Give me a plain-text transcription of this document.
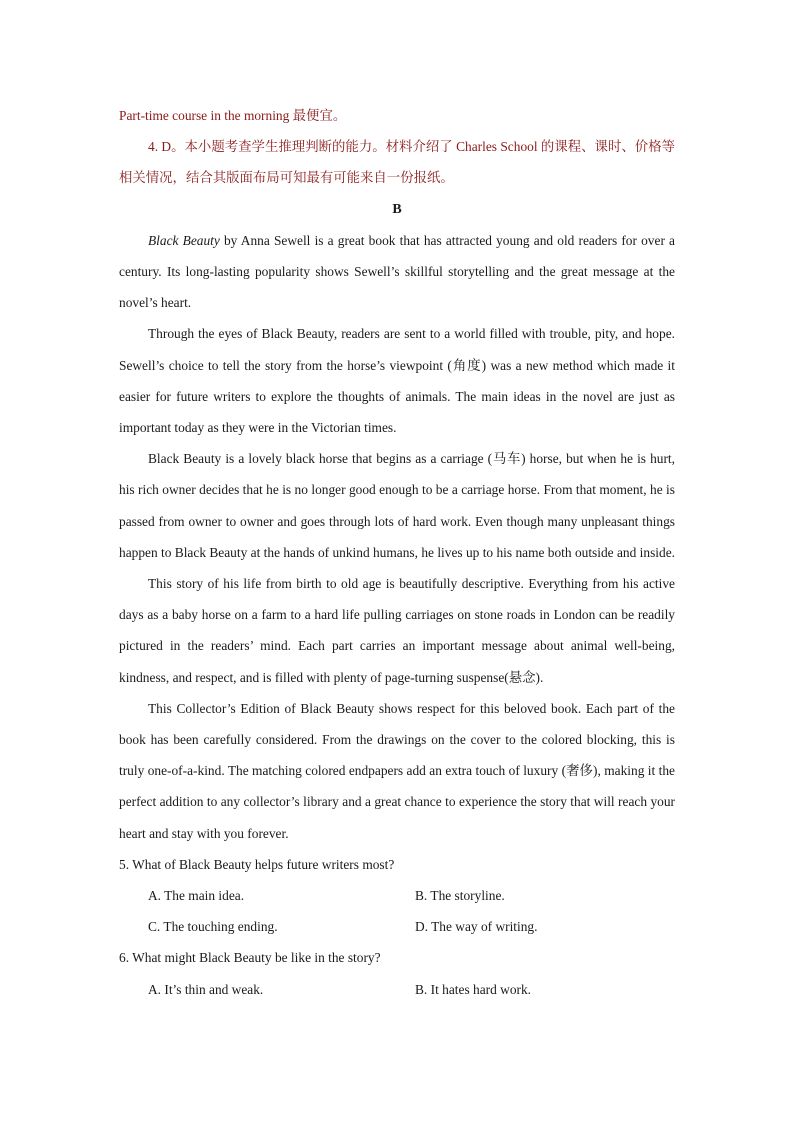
Part-time course in the morning 最便宜。

4. D。本小题考查学生推理判断的能力。材料介绍了 Charles School 的课程、课时、价格等相关情况，结合其版面布局可知最有可能来自一份报纸。

B

Black Beauty by Anna Sewell is a great book that has attracted young and old readers for over a century. Its long-lasting popularity shows Sewell’s skillful storytelling and the great message at the novel’s heart.

Through the eyes of Black Beauty, readers are sent to a world filled with trouble, pity, and hope. Sewell’s choice to tell the story from the horse’s viewpoint (角度) was a new method which made it easier for future writers to explore the thoughts of animals. The main ideas in the novel are just as important today as they were in the Victorian times.

Black Beauty is a lovely black horse that begins as a carriage (马车) horse, but when he is hurt, his rich owner decides that he is no longer good enough to be a carriage horse. From that moment, he is passed from owner to owner and goes through lots of hard work. Even though many unpleasant things happen to Black Beauty at the hands of unkind humans, he lives up to his name both outside and inside.

This story of his life from birth to old age is beautifully descriptive. Everything from his active days as a baby horse on a farm to a hard life pulling carriages on stone roads in London can be readily pictured in the readers’ mind. Each part carries an important message about animal well-being, kindness, and respect, and is filled with plenty of page-turning suspense(悬念).

This Collector’s Edition of Black Beauty shows respect for this beloved book. Each part of the book has been carefully considered. From the drawings on the cover to the colored blocking, this is truly one-of-a-kind. The matching colored endpapers add an extra touch of luxury (奢侈), making it the perfect addition to any collector’s library and a great chance to experience the story that will reach your heart and stay with you forever.

5. What of Black Beauty helps future writers most?

A. The main idea.	B. The storyline.
C. The touching ending.	D. The way of writing.

6. What might Black Beauty be like in the story?

A. It’s thin and weak.	B. It hates hard work.
